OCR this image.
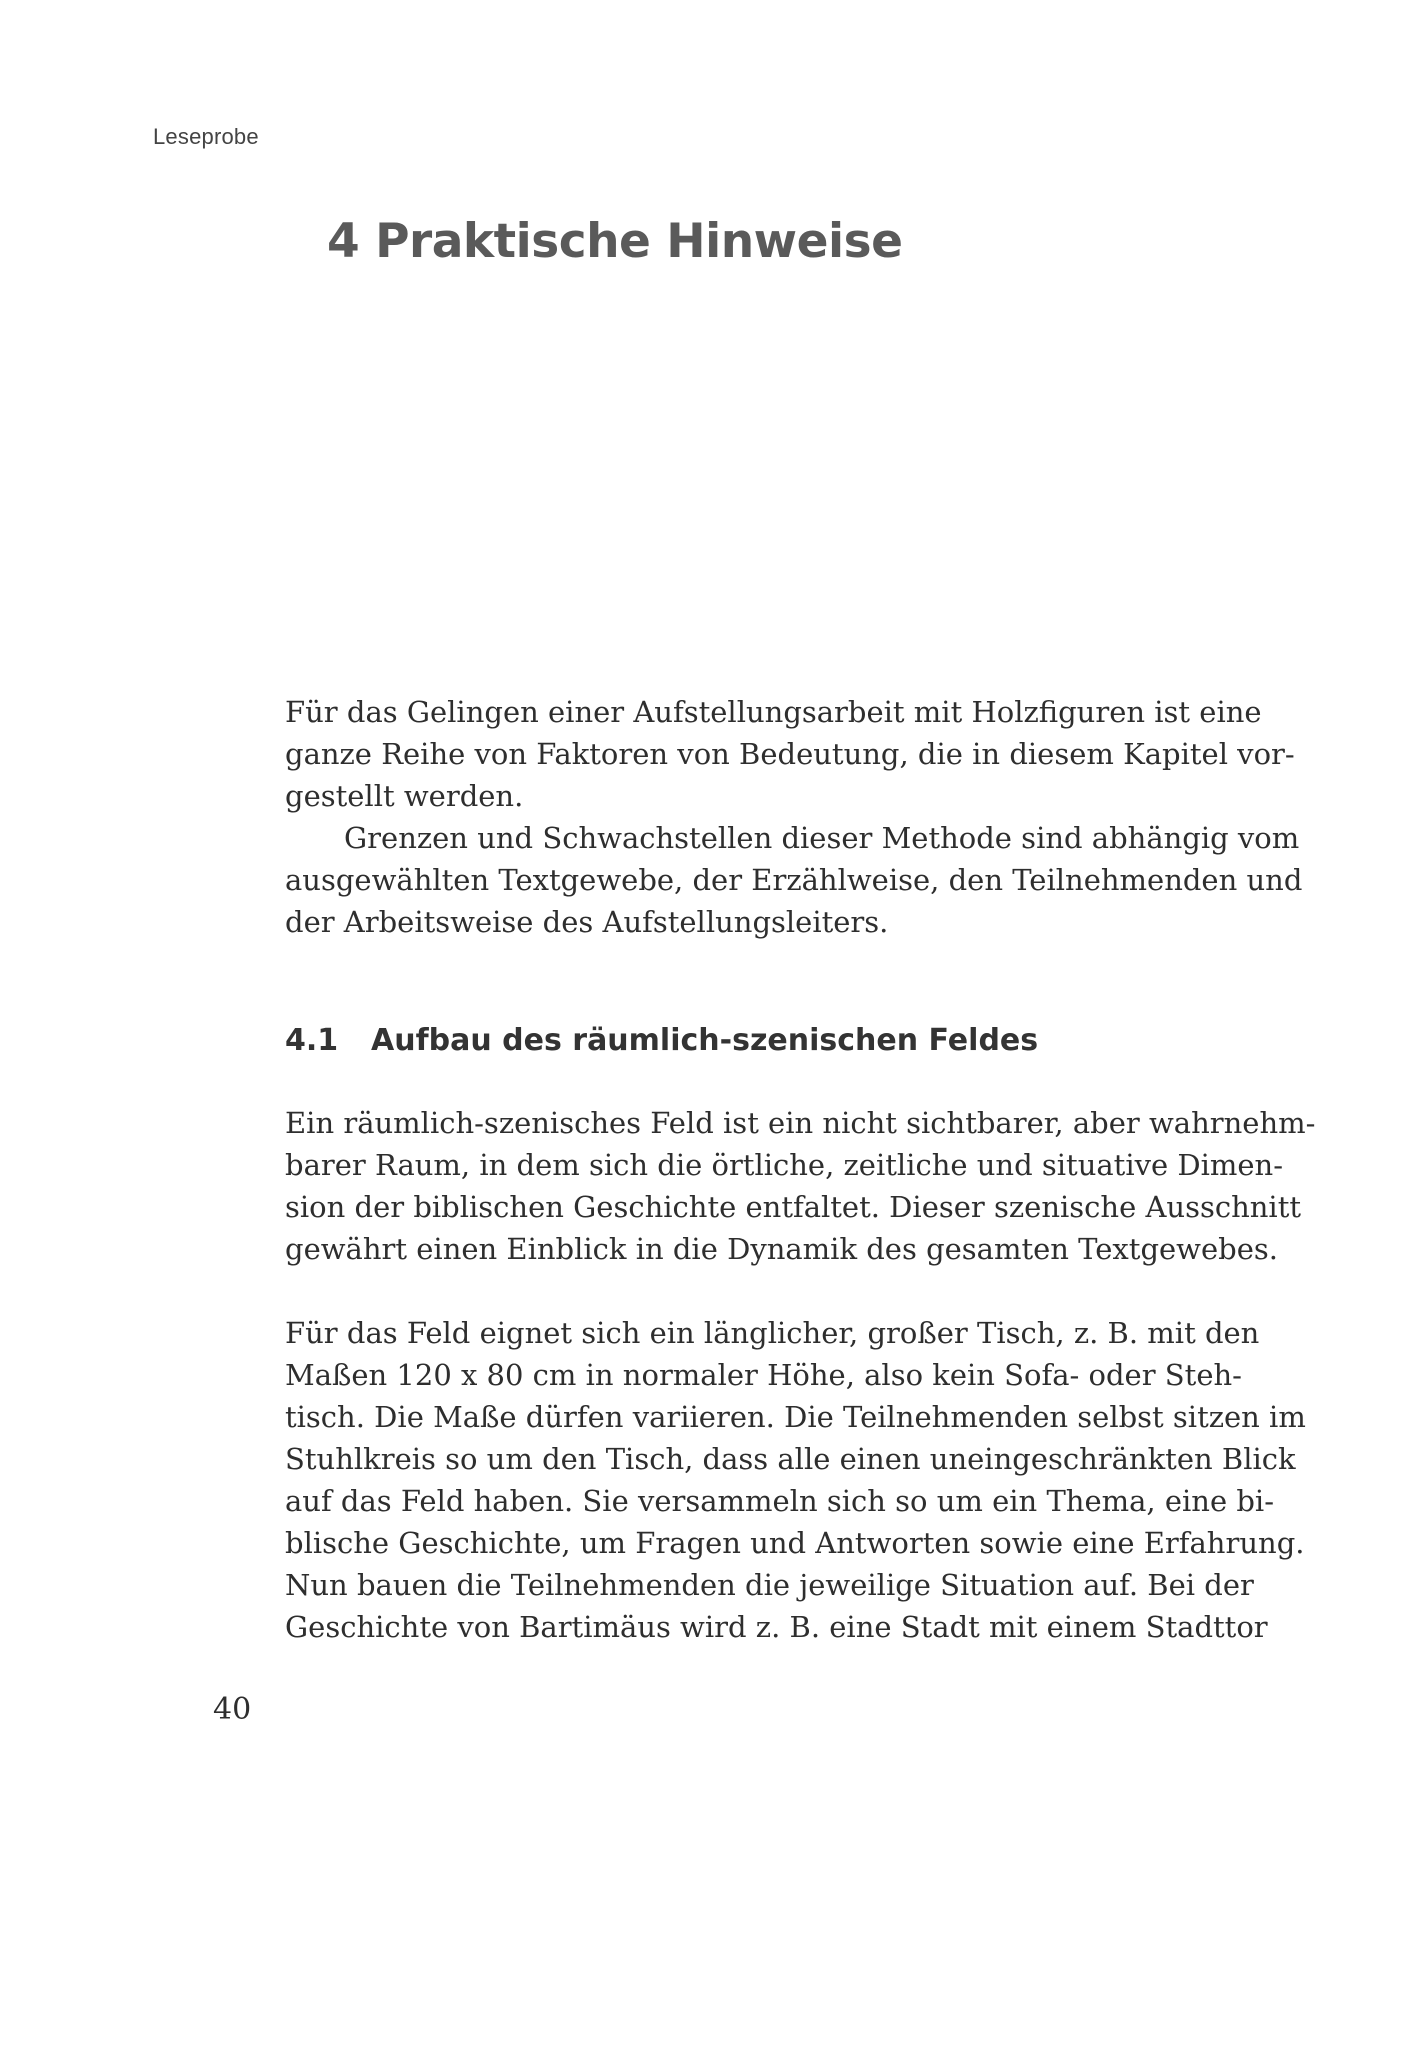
Leseprobe
4 Praktische Hinweise
Für das Gelingen einer Aufstellungsarbeit mit Holzfiguren ist eine
ganze Reihe von Faktoren von Bedeutung, die in diesem Kapitel vor-
gestellt werden.
Grenzen und Schwachstellen dieser Methode sind abhängig vom
ausgewählten Textgewebe, der Erzählweise, den Teilnehmenden und
der Arbeitsweise des Aufstellungsleiters.
4.1 Aufbau des räumlich-szenischen Feldes
Ein räumlich-szenisches Feld ist ein nicht sichtbarer, aber wahrnehm-
barer Raum, in dem sich die örtliche, zeitliche und situative Dimen-
sion der biblischen Geschichte entfaltet. Dieser szenische Ausschnitt
gewährt einen Einblick in die Dynamik des gesamten Textgewebes.
Für das Feld eignet sich ein länglicher, großer Tisch, z. B. mit den
Maßen 120 x 80 cm in normaler Höhe, also kein Sofa- oder Steh-
tisch. Die Maße dürfen variieren. Die Teilnehmenden selbst sitzen im
Stuhlkreis so um den Tisch, dass alle einen uneingeschränkten Blick
auf das Feld haben. Sie versammeln sich so um ein Thema, eine bi-
blische Geschichte, um Fragen und Antworten sowie eine Erfahrung.
Nun bauen die Teilnehmenden die jeweilige Situation auf. Bei der
Geschichte von Bartimäus wird z. B. eine Stadt mit einem Stadttor
40
